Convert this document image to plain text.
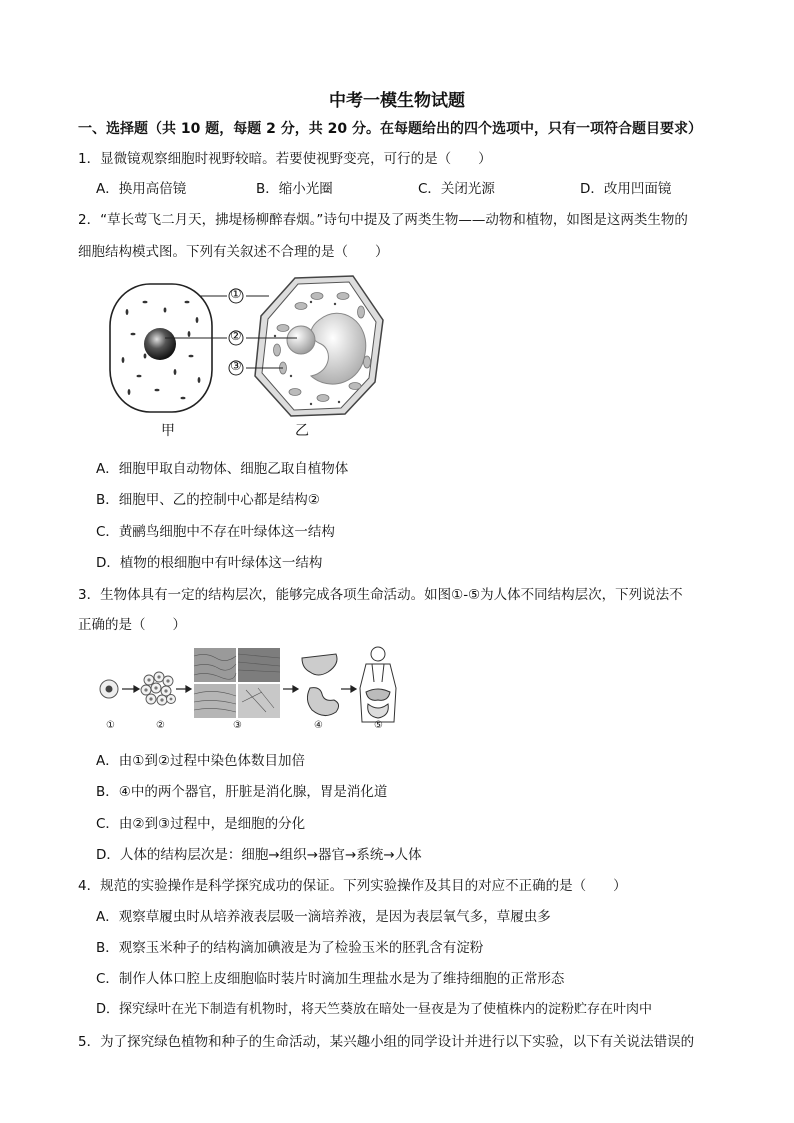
中考一模生物试题
一、选择题（共 10 题，每题 2 分，共 20 分。在每题给出的四个选项中，只有一项符合题目要求）
1．显微镜观察细胞时视野较暗。若要使视野变亮，可行的是（　　）
A．换用高倍镜	B．缩小光圈	C．关闭光源	D．改用凹面镜
2．“草长莺飞二月天，拂堤杨柳醉春烟。”诗句中提及了两类生物——动物和植物，如图是这两类生物的
细胞结构模式图。下列有关叙述不合理的是（　　）
①
②
③
甲	乙
A．细胞甲取自动物体、细胞乙取自植物体
B．细胞甲、乙的控制中心都是结构②
C．黄鹂鸟细胞中不存在叶绿体这一结构
D．植物的根细胞中有叶绿体这一结构
3．生物体具有一定的结构层次，能够完成各项生命活动。如图①-⑤为人体不同结构层次，下列说法不
正确的是（　　）
①	②	③	④	⑤
A．由①到②过程中染色体数目加倍
B．④中的两个器官，肝脏是消化腺，胃是消化道
C．由②到③过程中，是细胞的分化
D．人体的结构层次是：细胞→组织→器官→系统→人体
4．规范的实验操作是科学探究成功的保证。下列实验操作及其目的对应不正确的是（　　）
A．观察草履虫时从培养液表层吸一滴培养液，是因为表层氧气多，草履虫多
B．观察玉米种子的结构滴加碘液是为了检验玉米的胚乳含有淀粉
C．制作人体口腔上皮细胞临时装片时滴加生理盐水是为了维持细胞的正常形态
D．探究绿叶在光下制造有机物时，将天竺葵放在暗处一昼夜是为了使植株内的淀粉贮存在叶肉中
5．为了探究绿色植物和种子的生命活动，某兴趣小组的同学设计并进行以下实验，以下有关说法错误的
